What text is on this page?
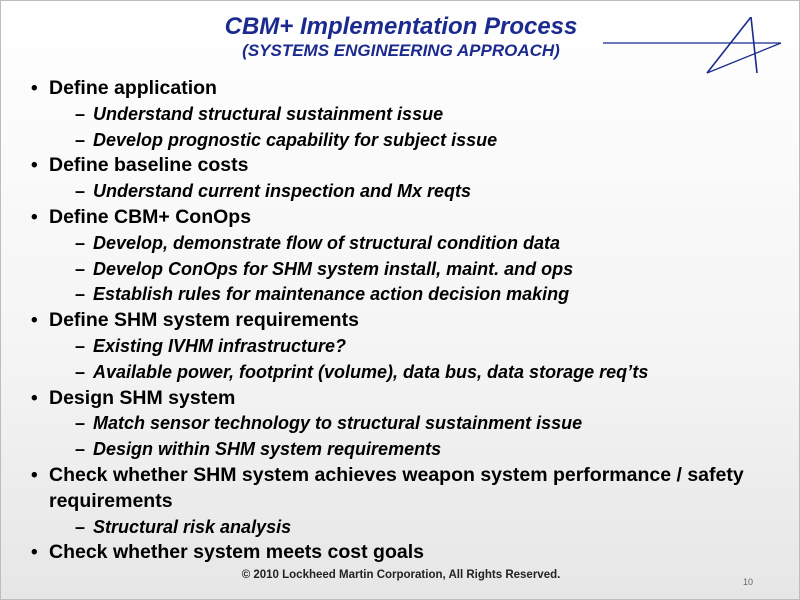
CBM+ Implementation Process
(SYSTEMS ENGINEERING APPROACH)
• Define application
– Understand structural sustainment issue
– Develop prognostic capability for subject issue
• Define baseline costs
– Understand current inspection and Mx reqts
• Define CBM+ ConOps
– Develop, demonstrate flow of structural condition data
– Develop ConOps for SHM system install, maint. and ops
– Establish rules for maintenance action decision making
• Define SHM system requirements
– Existing IVHM infrastructure?
– Available power, footprint (volume), data bus, data storage req’ts
• Design SHM system
– Match sensor technology to structural sustainment issue
– Design within SHM system requirements
• Check whether SHM system achieves weapon system performance / safety requirements
– Structural risk analysis
• Check whether system meets cost goals
© 2010 Lockheed Martin Corporation, All Rights Reserved.
10
